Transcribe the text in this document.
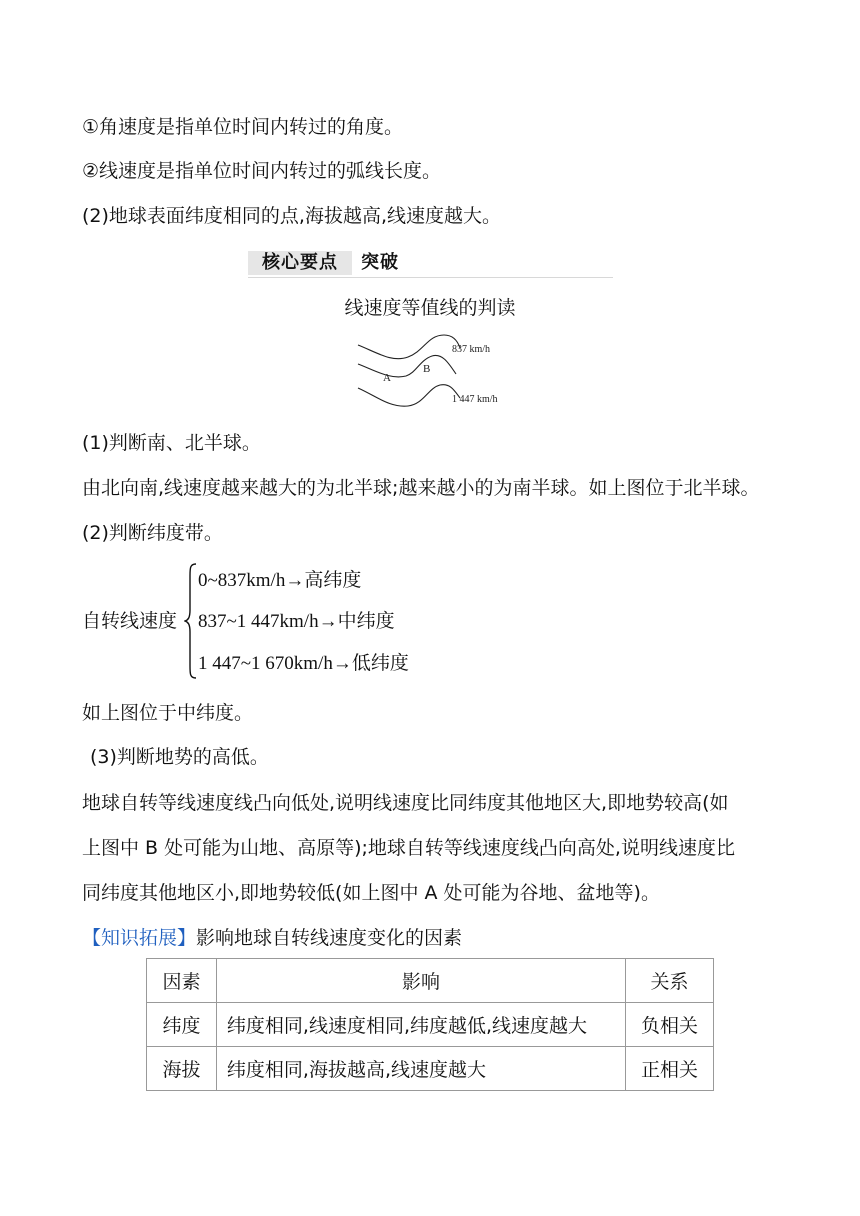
①角速度是指单位时间内转过的角度。
②线速度是指单位时间内转过的弧线长度。
(2)地球表面纬度相同的点,海拔越高,线速度越大。
核心要点	突破
线速度等值线的判读
837 km/h
1 447 km/h
A
B
(1)判断南、北半球。
由北向南,线速度越来越大的为北半球;越来越小的为南半球。如上图位于北半球。
(2)判断纬度带。
自转线速度
0~837km/h→高纬度
837~1 447km/h→中纬度
1 447~1 670km/h→低纬度
如上图位于中纬度。
(3)判断地势的高低。
地球自转等线速度线凸向低处,说明线速度比同纬度其他地区大,即地势较高(如
上图中 B 处可能为山地、高原等);地球自转等线速度线凸向高处,说明线速度比
同纬度其他地区小,即地势较低(如上图中 A 处可能为谷地、盆地等)。
【知识拓展】影响地球自转线速度变化的因素
因素	影响	关系
纬度	纬度相同,线速度相同,纬度越低,线速度越大	负相关
海拔	纬度相同,海拔越高,线速度越大	正相关
